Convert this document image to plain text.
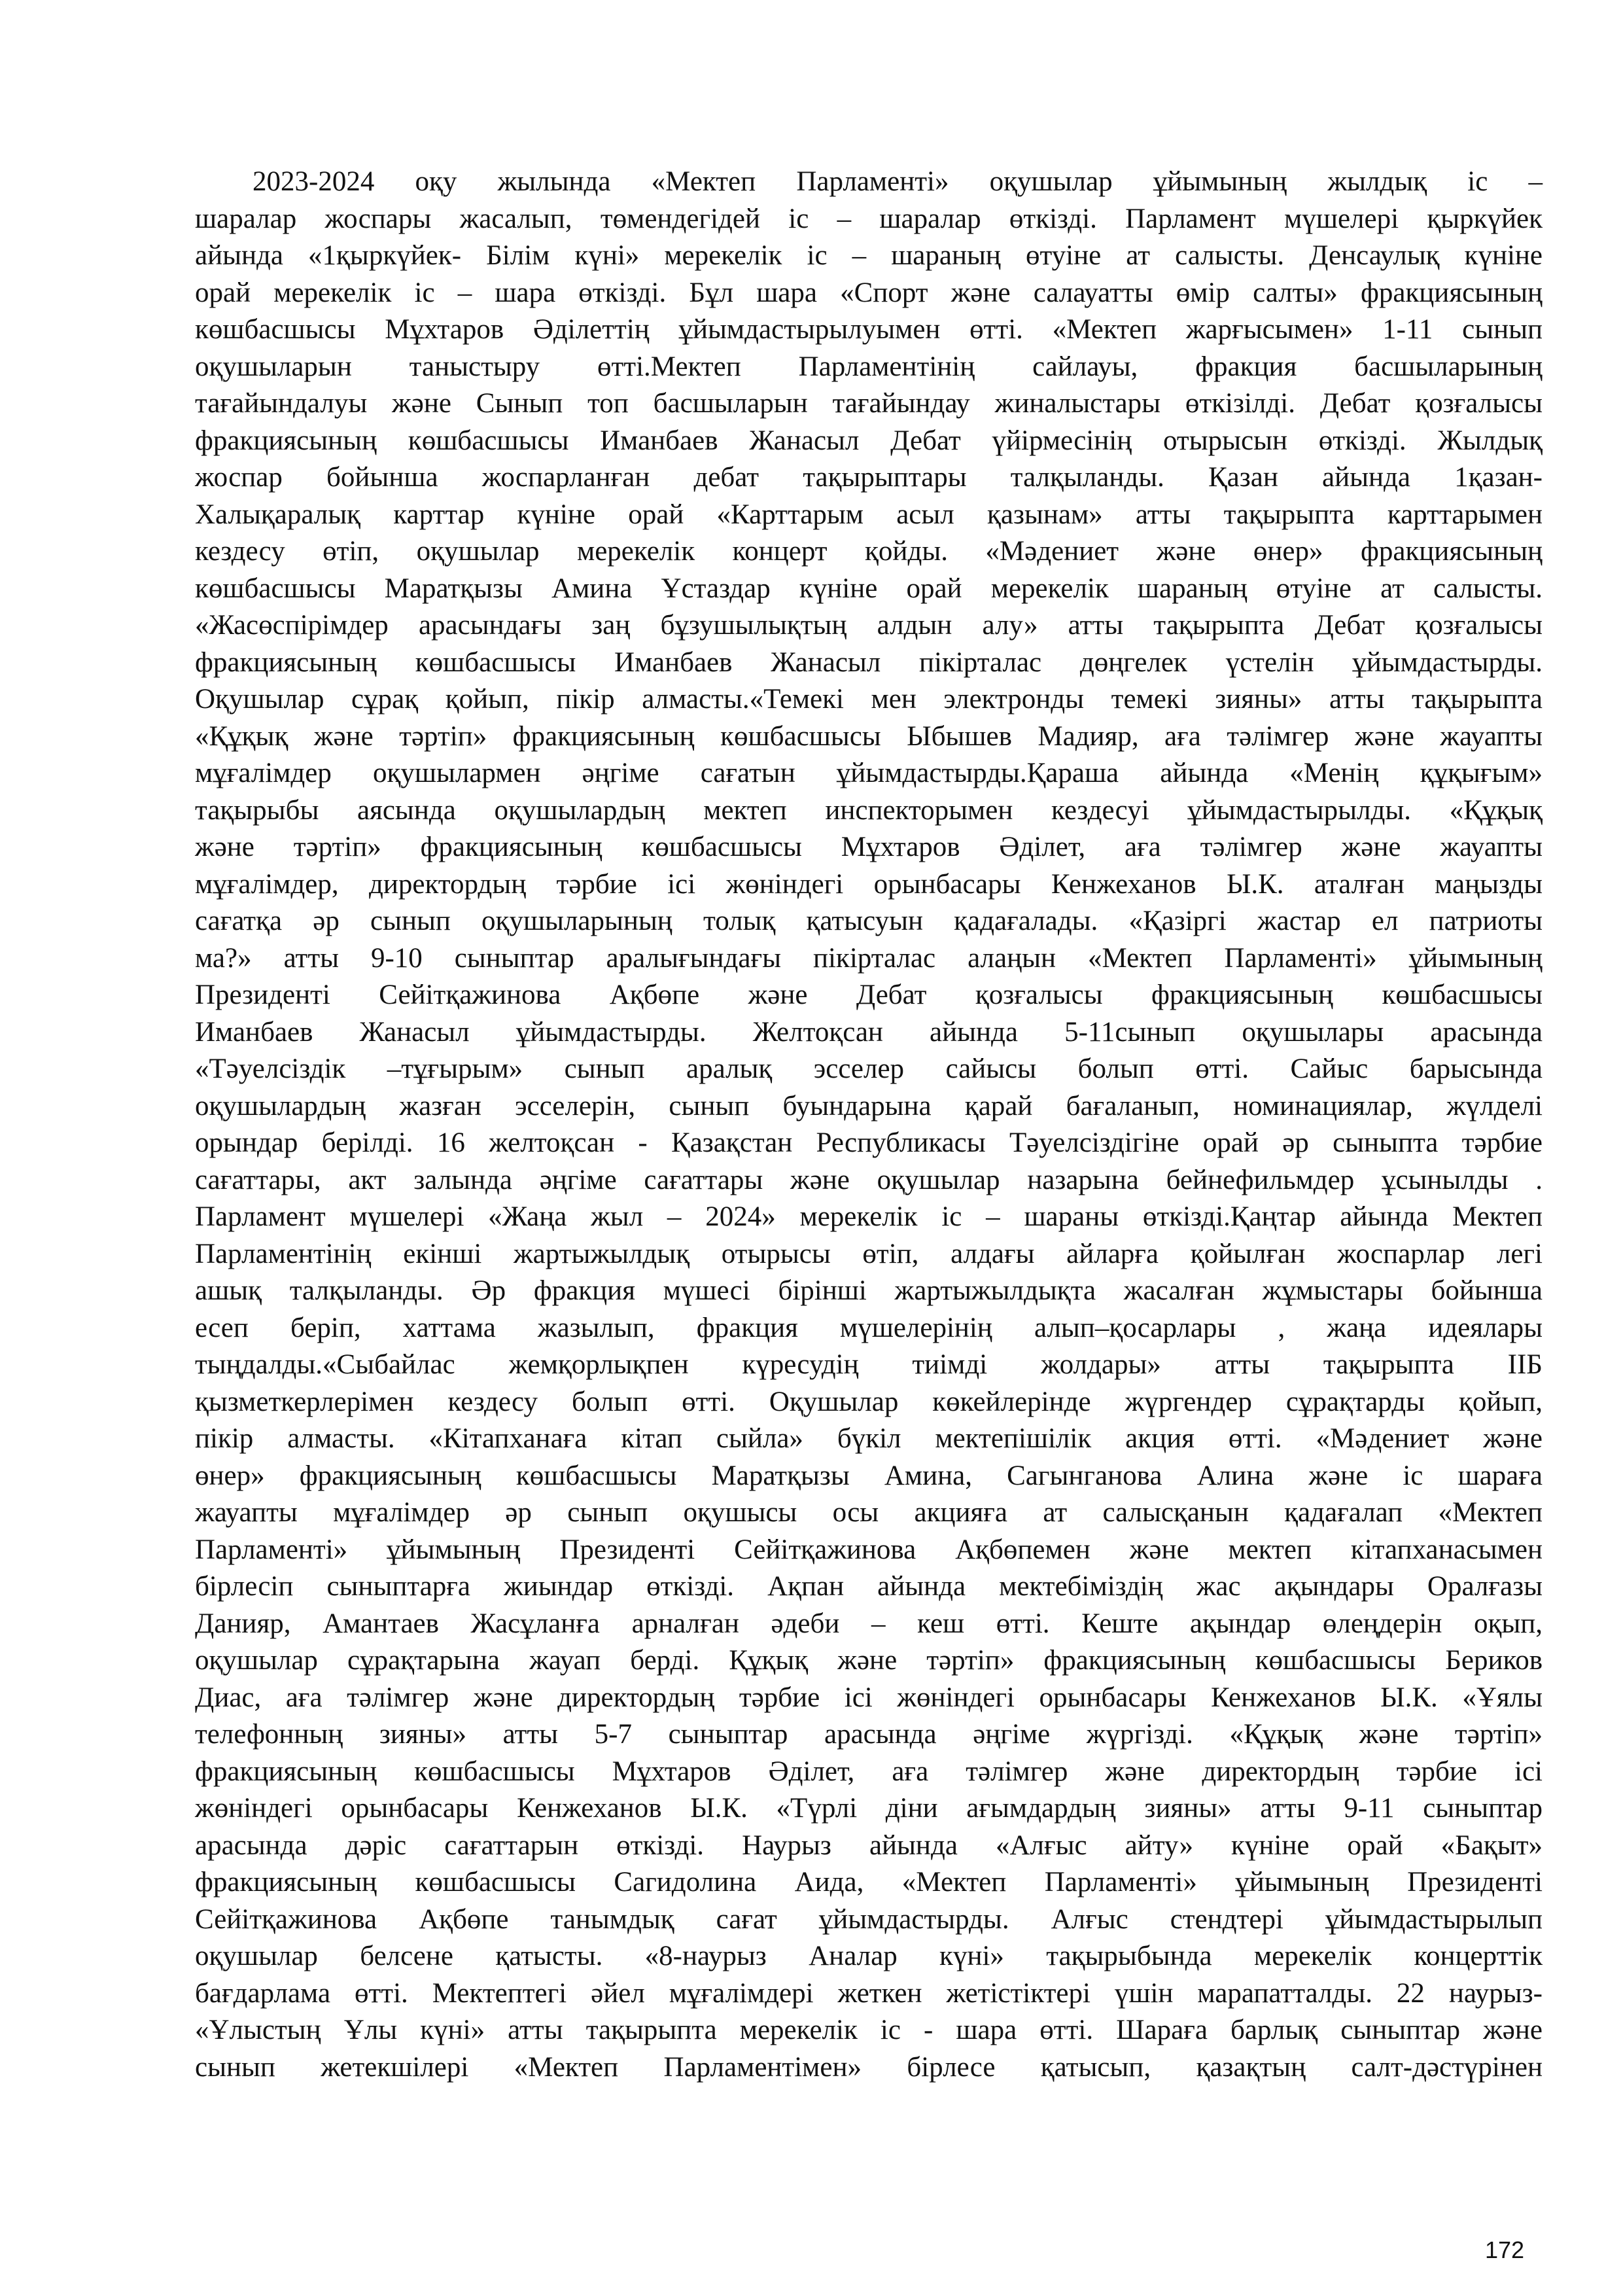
2023-2024 оқу жылында «Мектеп Парламенті» оқушылар ұйымының жылдық іс –
шаралар жоспары жасалып, төмендегідей іс – шаралар өткізді. Парламент мүшелері қыркүйек
айында «1қыркүйек- Білім күні» мерекелік іс – шараның өтуіне ат салысты. Денсаулық күніне
орай мерекелік іс – шара өткізді. Бұл шара «Спорт және салауатты өмір салты» фракциясының
көшбасшысы Мұхтаров Әділеттің ұйымдастырылуымен өтті. «Мектеп жарғысымен» 1-11 сынып
оқушыларын таныстыру өтті.Мектеп Парламентінің сайлауы, фракция басшыларының
тағайындалуы және Сынып топ басшыларын тағайындау жиналыстары өткізілді. Дебат қозғалысы
фракциясының көшбасшысы Иманбаев Жанасыл Дебат үйірмесінің отырысын өткізді. Жылдық
жоспар бойынша жоспарланған дебат тақырыптары талқыланды. Қазан айында 1қазан-
Халықаралық карттар күніне орай «Карттарым асыл қазынам» атты тақырыпта карттарымен
кездесу өтіп, оқушылар мерекелік концерт қойды. «Мәдениет және өнер» фракциясының
көшбасшысы Маратқызы Амина Ұстаздар күніне орай мерекелік шараның өтуіне ат салысты.
«Жасөспірімдер арасындағы заң бұзушылықтың алдын алу» атты тақырыпта Дебат қозғалысы
фракциясының көшбасшысы Иманбаев Жанасыл пікірталас дөңгелек үстелін ұйымдастырды.
Оқушылар сұрақ қойып, пікір алмасты.«Темекі мен электронды темекі зияны» атты тақырыпта
«Құқық және тәртіп» фракциясының көшбасшысы Ыбышев Мадияр, аға тәлімгер және жауапты
мұғалімдер оқушылармен әңгіме сағатын ұйымдастырды.Қараша айында «Менің құқығым»
тақырыбы аясында оқушылардың мектеп инспекторымен кездесуі ұйымдастырылды. «Құқық
және тәртіп» фракциясының көшбасшысы Мұхтаров Әділет, аға тәлімгер және жауапты
мұғалімдер, директордың тәрбие ісі жөніндегі орынбасары Кенжеханов Ы.К. аталған маңызды
сағатқа әр сынып оқушыларының толық қатысуын қадағалады. «Қазіргі жастар ел патриоты
ма?» атты 9-10 сыныптар аралығындағы пікірталас алаңын «Мектеп Парламенті» ұйымының
Президенті Сейітқажинова Ақбөпе және Дебат қозғалысы фракциясының көшбасшысы
Иманбаев Жанасыл ұйымдастырды. Желтоқсан айында 5-11сынып оқушылары арасында
«Тәуелсіздік –тұғырым» сынып аралық эсселер сайысы болып өтті. Сайыс барысында
оқушылардың жазған эсселерін, сынып буындарына қарай бағаланып, номинациялар, жүлделі
орындар берілді. 16 желтоқсан - Қазақстан Республикасы Тәуелсіздігіне орай әр сыныпта тәрбие
сағаттары, акт залында әңгіме сағаттары және оқушылар назарына бейнефильмдер ұсынылды .
Парламент мүшелері «Жаңа жыл – 2024» мерекелік іс – шараны өткізді.Қаңтар айында Мектеп
Парламентінің екінші жартыжылдық отырысы өтіп, алдағы айларға қойылған жоспарлар легі
ашық талқыланды. Әр фракция мүшесі бірінші жартыжылдықта жасалған жұмыстары бойынша
есеп беріп, хаттама жазылып, фракция мүшелерінің алып–қосарлары , жаңа идеялары
тыңдалды.«Сыбайлас жемқорлықпен күресудің тиімді жолдары» атты тақырыпта ІІБ
қызметкерлерімен кездесу болып өтті. Оқушылар көкейлерінде жүргендер сұрақтарды қойып,
пікір алмасты. «Кітапханаға кітап сыйла» бүкіл мектепішілік акция өтті. «Мәдениет және
өнер» фракциясының көшбасшысы Маратқызы Амина, Сагынганова Алина және іс шараға
жауапты мұғалімдер әр сынып оқушысы осы акцияға ат салысқанын қадағалап «Мектеп
Парламенті» ұйымының Президенті Сейітқажинова Ақбөпемен және мектеп кітапханасымен
бірлесіп сыныптарға жиындар өткізді. Ақпан айында мектебіміздің жас ақындары Оралғазы
Данияр, Амантаев Жасұланға арналған әдеби – кеш өтті. Кеште ақындар өлеңдерін оқып,
оқушылар сұрақтарына жауап берді. Құқық және тәртіп» фракциясының көшбасшысы Бериков
Диас, аға тәлімгер және директордың тәрбие ісі жөніндегі орынбасары Кенжеханов Ы.К. «Ұялы
телефонның зияны» атты 5-7 сыныптар арасында әңгіме жүргізді. «Құқық және тәртіп»
фракциясының көшбасшысы Мұхтаров Әділет, аға тәлімгер және директордың тәрбие ісі
жөніндегі орынбасары Кенжеханов Ы.К. «Түрлі діни ағымдардың зияны» атты 9-11 сыныптар
арасында дәріс сағаттарын өткізді. Наурыз айында «Алғыс айту» күніне орай «Бақыт»
фракциясының көшбасшысы Сагидолина Аида, «Мектеп Парламенті» ұйымының Президенті
Сейітқажинова Ақбөпе танымдық сағат ұйымдастырды. Алғыс стендтері ұйымдастырылып
оқушылар белсене қатысты. «8-наурыз Аналар күні» тақырыбында мерекелік концерттік
бағдарлама өтті. Мектептегі әйел мұғалімдері жеткен жетістіктері үшін марапатталды. 22 наурыз-
«Ұлыстың Ұлы күні» атты тақырыпта мерекелік іс - шара өтті. Шараға барлық сыныптар және
сынып жетекшілері «Мектеп Парламентімен» бірлесе қатысып, қазақтың салт-дәстүрінен
172
